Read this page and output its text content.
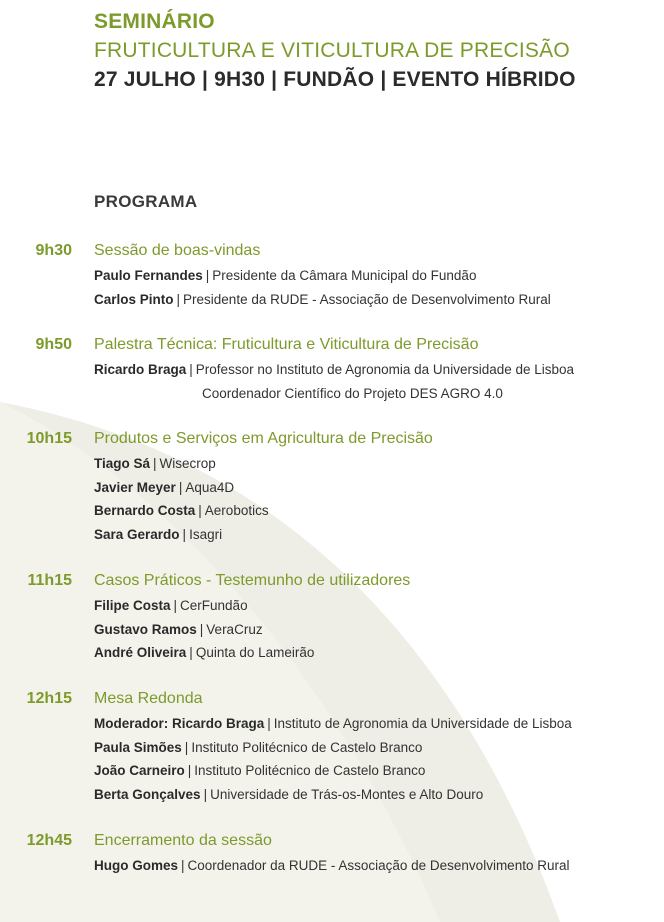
SEMINÁRIO
FRUTICULTURA E VITICULTURA DE PRECISÃO
27 JULHO | 9H30 | FUNDÃO | EVENTO HÍBRIDO
PROGRAMA
9h30 Sessão de boas-vindas
Paulo Fernandes | Presidente da Câmara Municipal do Fundão
Carlos Pinto | Presidente da RUDE - Associação de Desenvolvimento Rural
9h50 Palestra Técnica: Fruticultura e Viticultura de Precisão
Ricardo Braga | Professor no Instituto de Agronomia da Universidade de Lisboa
Coordenador Científico do Projeto DES AGRO 4.0
10h15 Produtos e Serviços em Agricultura de Precisão
Tiago Sá | Wisecrop
Javier Meyer | Aqua4D
Bernardo Costa | Aerobotics
Sara Gerardo | Isagri
11h15 Casos Práticos - Testemunho de utilizadores
Filipe Costa | CerFundão
Gustavo Ramos | VeraCruz
André Oliveira | Quinta do Lameirão
12h15 Mesa Redonda
Moderador: Ricardo Braga | Instituto de Agronomia da Universidade de Lisboa
Paula Simões | Instituto Politécnico de Castelo Branco
João Carneiro | Instituto Politécnico de Castelo Branco
Berta Gonçalves | Universidade de Trás-os-Montes e Alto Douro
12h45 Encerramento da sessão
Hugo Gomes | Coordenador da RUDE - Associação de Desenvolvimento Rural
